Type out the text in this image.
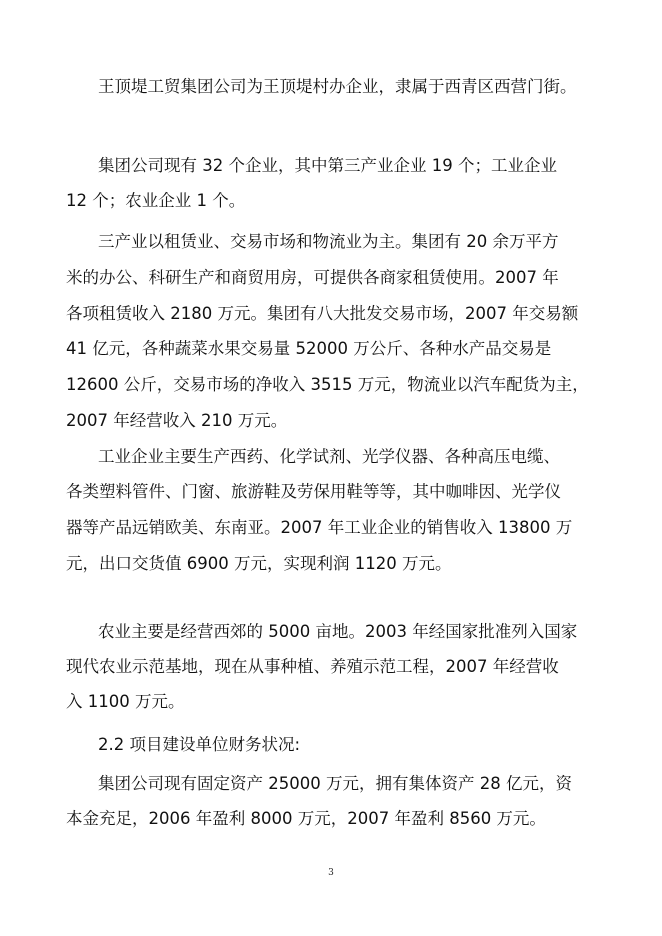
王顶堤工贸集团公司为王顶堤村办企业，隶属于西青区西营门街。

集团公司现有 32 个企业，其中第三产业企业 19 个；工业企业

12 个；农业企业 1 个。

三产业以租赁业、交易市场和物流业为主。集团有 20 余万平方

米的办公、科研生产和商贸用房，可提供各商家租赁使用。2007 年

各项租赁收入 2180 万元。集团有八大批发交易市场，2007 年交易额

41 亿元，各种蔬菜水果交易量 52000 万公斤、各种水产品交易是

12600 公斤，交易市场的净收入 3515 万元，物流业以汽车配货为主，

2007 年经营收入 210 万元。

工业企业主要生产西药、化学试剂、光学仪器、各种高压电缆、

各类塑料管件、门窗、旅游鞋及劳保用鞋等等，其中咖啡因、光学仪

器等产品远销欧美、东南亚。2007 年工业企业的销售收入 13800 万

元，出口交货值 6900 万元，实现利润 1120 万元。

农业主要是经营西郊的 5000 亩地。2003 年经国家批准列入国家

现代农业示范基地，现在从事种植、养殖示范工程，2007 年经营收

入 1100 万元。

2.2 项目建设单位财务状况:

集团公司现有固定资产 25000 万元，拥有集体资产 28 亿元，资

本金充足，2006 年盈利 8000 万元，2007 年盈利 8560 万元。

3
